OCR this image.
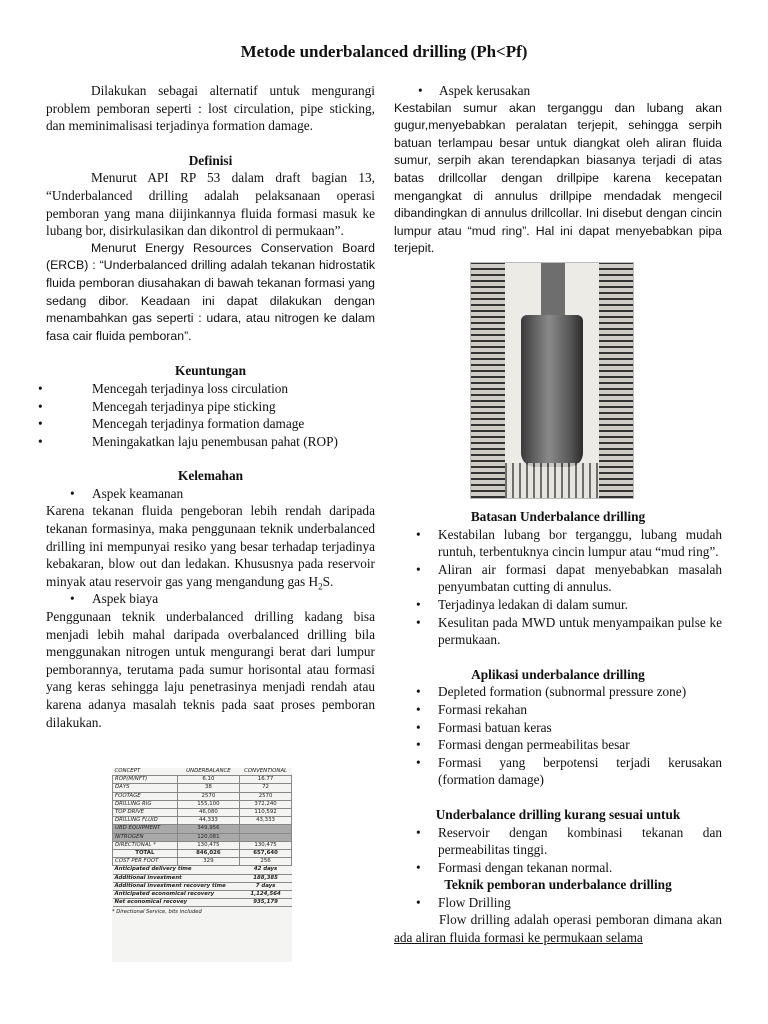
Metode underbalanced drilling (Ph<Pf)

Dilakukan sebagai alternatif untuk mengurangi problem pemboran seperti : lost circulation, pipe sticking, dan meminimalisasi terjadinya formation damage.

Definisi

Menurut API RP 53 dalam draft bagian 13, “Underbalanced drilling adalah pelaksanaan operasi pemboran yang mana diijinkannya fluida formasi masuk ke lubang bor, disirkulasikan dan dikontrol di permukaan”.

Menurut Energy Resources Conservation Board (ERCB) : “Underbalanced drilling adalah tekanan hidrostatik fluida pemboran diusahakan di bawah tekanan formasi yang sedang dibor. Keadaan ini dapat dilakukan dengan menambahkan gas seperti : udara, atau nitrogen ke dalam fasa cair fluida pemboran”.

Keuntungan
• Mencegah terjadinya loss circulation
• Mencegah terjadinya pipe sticking
• Mencegah terjadinya formation damage
• Meningakatkan laju penembusan pahat (ROP)
Kelemahan
• Aspek keamanan

Karena tekanan fluida pengeboran lebih rendah daripada tekanan formasinya, maka penggunaan teknik underbalanced drilling ini mempunyai resiko yang besar terhadap terjadinya kebakaran, blow out dan ledakan. Khususnya pada reservoir minyak atau reservoir gas yang mengandung gas $H_2S$.

• Aspek biaya

Penggunaan teknik underbalanced drilling kadang bisa menjadi lebih mahal daripada overbalanced drilling bila menggunakan nitrogen untuk mengurangi berat dari lumpur pemborannya, terutama pada sumur horisontal atau formasi yang keras sehingga laju penetrasinya menjadi rendah atau karena adanya masalah teknis pada saat proses pemboran dilakukan.

CONCEPT	UNDERBALANCE	CONVENTIONAL
ROP(M/NFT)	6.10	16.77
DAYS	38	72
FOOTAGE	2570	2570
DRILLING RIG	155,100	372,240
TOP DRIVE	46,080	110,592
DRILLING FLUID	44,333	43,333
UBD EQUIPMENT	349,956	
NITROGEN	120,081	
DIRECTIONAL *	130,475	130,475
TOTAL	846,026	657,640
COST PER FOOT	329	256
Anticipated delivery time		42 days
Additional investment		188,385
Additional investment recovery time		7 days
Anticipated economical recovery		1,124,564
Net economical recovey		935,179
* Directional Service, bits included
• Aspek kerusakan

Kestabilan sumur akan terganggu dan lubang akan gugur,menyebabkan peralatan terjepit, sehingga serpih batuan terlampau besar untuk diangkat oleh aliran fluida sumur, serpih akan terendapkan biasanya terjadi di atas batas drillcollar dengan drillpipe karena kecepatan mengangkat di annulus drillpipe mendadak mengecil dibandingkan di annulus drillcollar. Ini disebut dengan cincin lumpur atau “mud ring”. Hal ini dapat menyebabkan pipa terjepit.

Batasan Underbalance drilling
• Kestabilan lubang bor terganggu, lubang mudah runtuh, terbentuknya cincin lumpur atau “mud ring”.
• Aliran air formasi dapat menyebabkan masalah penyumbatan cutting di annulus.
• Terjadinya ledakan di dalam sumur.
• Kesulitan pada MWD untuk menyampaikan pulse ke permukaan.
Aplikasi underbalance drilling
• Depleted formation (subnormal pressure zone)
• Formasi rekahan
• Formasi batuan keras
• Formasi dengan permeabilitas besar
• Formasi yang berpotensi terjadi kerusakan (formation damage)
Underbalance drilling kurang sesuai untuk
• Reservoir dengan kombinasi tekanan dan permeabilitas tinggi.
• Formasi dengan tekanan normal.
Teknik pemboran underbalance drilling
• Flow Drilling

Flow drilling adalah operasi pemboran dimana akan ada aliran fluida formasi ke permukaan selama
